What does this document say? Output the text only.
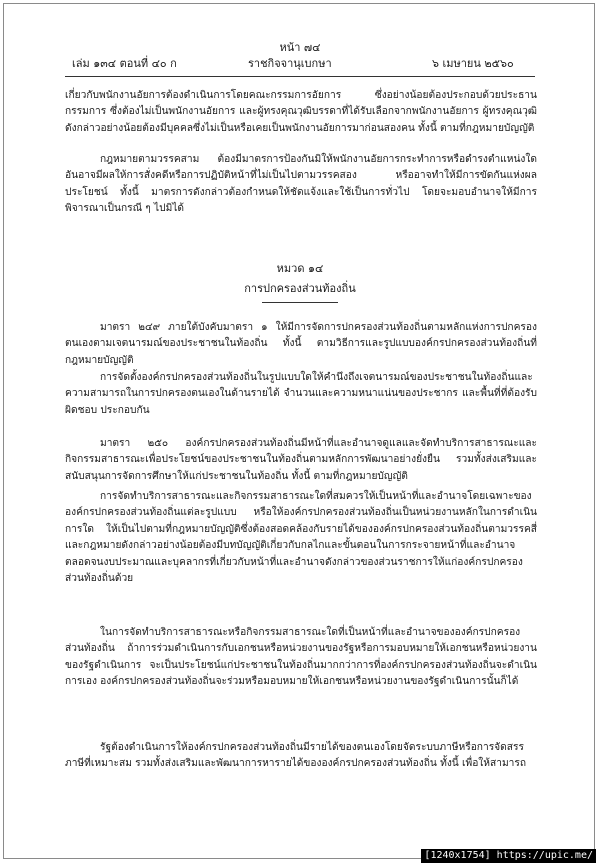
หน้า ๗๔
เล่ม ๑๓๔ ตอนที่ ๔๐ ก	ราชกิจจานุเบกษา	๖ เมษายน ๒๕๖๐

เกี่ยวกับพนักงานอัยการต้องดำเนินการโดยคณะกรรมการอัยการ ซึ่งอย่างน้อยต้องประกอบด้วยประธานกรรมการ ซึ่งต้องไม่เป็นพนักงานอัยการ และผู้ทรงคุณวุฒิบรรดาที่ได้รับเลือกจากพนักงานอัยการ ผู้ทรงคุณวุฒิดังกล่าวอย่างน้อยต้องมีบุคคลซึ่งไม่เป็นหรือเคยเป็นพนักงานอัยการมาก่อนสองคน ทั้งนี้ ตามที่กฎหมายบัญญัติ

กฎหมายตามวรรคสาม ต้องมีมาตรการป้องกันมิให้พนักงานอัยการกระทำการหรือดำรงตำแหน่งใด อันอาจมีผลให้การสั่งคดีหรือการปฏิบัติหน้าที่ไม่เป็นไปตามวรรคสอง หรืออาจทำให้มีการขัดกันแห่งผลประโยชน์ ทั้งนี้ มาตรการดังกล่าวต้องกำหนดให้ชัดแจ้งและใช้เป็นการทั่วไป โดยจะมอบอำนาจให้มีการพิจารณาเป็นกรณี ๆ ไปมิได้

หมวด ๑๔
การปกครองส่วนท้องถิ่น

มาตรา ๒๔๙ ภายใต้บังคับมาตรา ๑ ให้มีการจัดการปกครองส่วนท้องถิ่นตามหลักแห่งการปกครองตนเองตามเจตนารมณ์ของประชาชนในท้องถิ่น ทั้งนี้ ตามวิธีการและรูปแบบองค์กรปกครองส่วนท้องถิ่นที่กฎหมายบัญญัติ

การจัดตั้งองค์กรปกครองส่วนท้องถิ่นในรูปแบบใดให้คำนึงถึงเจตนารมณ์ของประชาชนในท้องถิ่นและความสามารถในการปกครองตนเองในด้านรายได้ จำนวนและความหนาแน่นของประชากร และพื้นที่ที่ต้องรับผิดชอบ ประกอบกัน

มาตรา ๒๕๐ องค์กรปกครองส่วนท้องถิ่นมีหน้าที่และอำนาจดูแลและจัดทำบริการสาธารณะและกิจกรรมสาธารณะเพื่อประโยชน์ของประชาชนในท้องถิ่นตามหลักการพัฒนาอย่างยั่งยืน รวมทั้งส่งเสริมและสนับสนุนการจัดการศึกษาให้แก่ประชาชนในท้องถิ่น ทั้งนี้ ตามที่กฎหมายบัญญัติ

การจัดทำบริการสาธารณะและกิจกรรมสาธารณะใดที่สมควรให้เป็นหน้าที่และอำนาจโดยเฉพาะขององค์กรปกครองส่วนท้องถิ่นแต่ละรูปแบบ หรือให้องค์กรปกครองส่วนท้องถิ่นเป็นหน่วยงานหลักในการดำเนินการใด ให้เป็นไปตามที่กฎหมายบัญญัติซึ่งต้องสอดคล้องกับรายได้ขององค์กรปกครองส่วนท้องถิ่นตามวรรคสี่ และกฎหมายดังกล่าวอย่างน้อยต้องมีบทบัญญัติเกี่ยวกับกลไกและขั้นตอนในการกระจายหน้าที่และอำนาจ ตลอดจนงบประมาณและบุคลากรที่เกี่ยวกับหน้าที่และอำนาจดังกล่าวของส่วนราชการให้แก่องค์กรปกครองส่วนท้องถิ่นด้วย

ในการจัดทำบริการสาธารณะหรือกิจกรรมสาธารณะใดที่เป็นหน้าที่และอำนาจขององค์กรปกครองส่วนท้องถิ่น ถ้าการร่วมดำเนินการกับเอกชนหรือหน่วยงานของรัฐหรือการมอบหมายให้เอกชนหรือหน่วยงานของรัฐดำเนินการ จะเป็นประโยชน์แก่ประชาชนในท้องถิ่นมากกว่าการที่องค์กรปกครองส่วนท้องถิ่นจะดำเนินการเอง องค์กรปกครองส่วนท้องถิ่นจะร่วมหรือมอบหมายให้เอกชนหรือหน่วยงานของรัฐดำเนินการนั้นก็ได้

รัฐต้องดำเนินการให้องค์กรปกครองส่วนท้องถิ่นมีรายได้ของตนเองโดยจัดระบบภาษีหรือการจัดสรรภาษีที่เหมาะสม รวมทั้งส่งเสริมและพัฒนาการหารายได้ขององค์กรปกครองส่วนท้องถิ่น ทั้งนี้ เพื่อให้สามารถ

[1240x1754] https://upic.me/
